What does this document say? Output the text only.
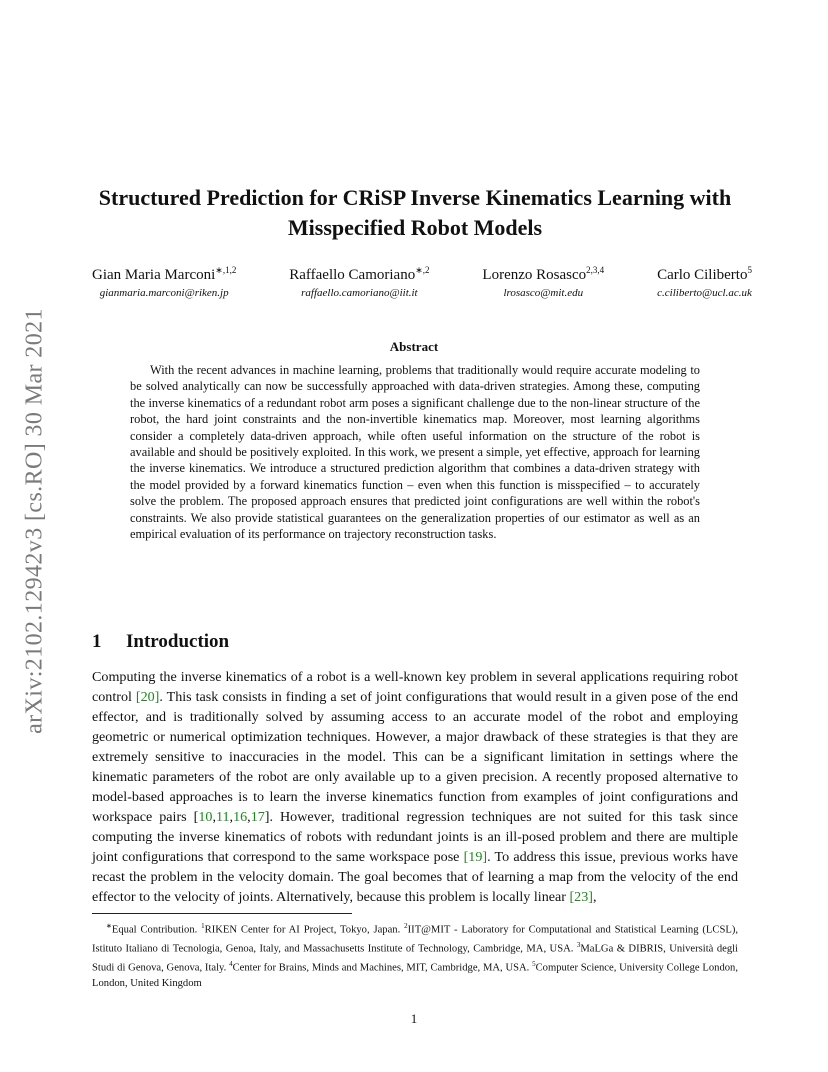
arXiv:2102.12942v3 [cs.RO] 30 Mar 2021
Structured Prediction for CRiSP Inverse Kinematics Learning with Misspecified Robot Models
Gian Maria Marconi$^{∗,1,2}$
gianmaria.marconi@riken.jp
Raffaello Camoriano$^{∗,2}$
raffaello.camoriano@iit.it
Lorenzo Rosasco$^{2,3,4}$
lrosasco@mit.edu
Carlo Ciliberto$^5$
c.ciliberto@ucl.ac.uk
Abstract

With the recent advances in machine learning, problems that traditionally would require accurate modeling to be solved analytically can now be successfully approached with data-driven strategies. Among these, computing the inverse kinematics of a redundant robot arm poses a significant challenge due to the non-linear structure of the robot, the hard joint constraints and the non-invertible kinematics map. Moreover, most learning algorithms consider a completely data-driven approach, while often useful information on the structure of the robot is available and should be positively exploited. In this work, we present a simple, yet effective, approach for learning the inverse kinematics. We introduce a structured prediction algorithm that combines a data-driven strategy with the model provided by a forward kinematics function – even when this function is misspecified – to accurately solve the problem. The proposed approach ensures that predicted joint configurations are well within the robot's constraints. We also provide statistical guarantees on the generalization properties of our estimator as well as an empirical evaluation of its performance on trajectory reconstruction tasks.

1 Introduction

Computing the inverse kinematics of a robot is a well-known key problem in several applications requiring robot control [20]. This task consists in finding a set of joint configurations that would result in a given pose of the end effector, and is traditionally solved by assuming access to an accurate model of the robot and employing geometric or numerical optimization techniques. However, a major drawback of these strategies is that they are extremely sensitive to inaccuracies in the model. This can be a significant limitation in settings where the kinematic parameters of the robot are only available up to a given precision. A recently proposed alternative to model-based approaches is to learn the inverse kinematics function from examples of joint configurations and workspace pairs [10,11,16,17]. However, traditional regression techniques are not suited for this task since computing the inverse kinematics of robots with redundant joints is an ill-posed problem and there are multiple joint configurations that correspond to the same workspace pose [19]. To address this issue, previous works have recast the problem in the velocity domain. The goal becomes that of learning a map from the velocity of the end effector to the velocity of joints. Alternatively, because this problem is locally linear [23],

∗Equal Contribution. $^1$RIKEN Center for AI Project, Tokyo, Japan. $^2$IIT@MIT - Laboratory for Computational and Statistical Learning (LCSL), Istituto Italiano di Tecnologia, Genoa, Italy, and Massachusetts Institute of Technology, Cambridge, MA, USA. $^3$MaLGa & DIBRIS, Università degli Studi di Genova, Genova, Italy. $^4$Center for Brains, Minds and Machines, MIT, Cambridge, MA, USA. $^5$Computer Science, University College London, London, United Kingdom

1
